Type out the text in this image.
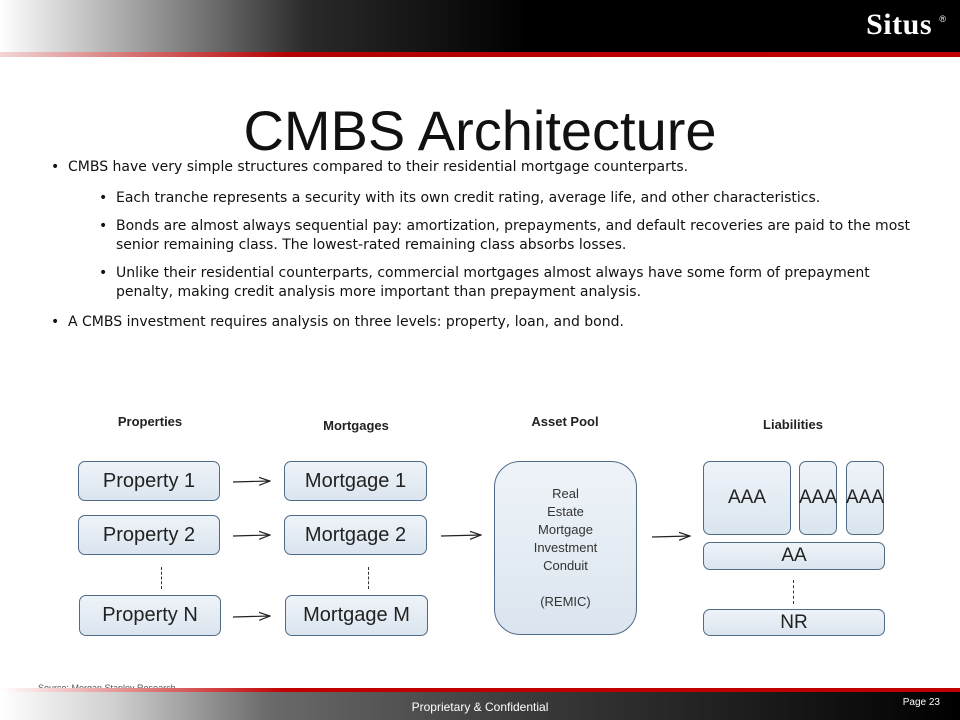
Situs ®
CMBS Architecture
• CMBS have very simple structures compared to their residential mortgage counterparts.
• Each tranche represents a security with its own credit rating, average life, and other characteristics.
• Bonds are almost always sequential pay: amortization, prepayments, and default recoveries are paid to the most senior remaining class. The lowest-rated remaining class absorbs losses.
• Unlike their residential counterparts, commercial mortgages almost always have some form of prepayment penalty, making credit analysis more important than prepayment analysis.
• A CMBS investment requires analysis on three levels: property, loan, and bond.
Properties	Mortgages	Asset Pool	Liabilities
Property 1
Property 2
Property N
Mortgage 1
Mortgage 2
Mortgage M
Real
Estate
Mortgage
Investment
Conduit
(REMIC)
AAA AAA AAA
AA
NR
Proprietary & Confidential	Page 23
